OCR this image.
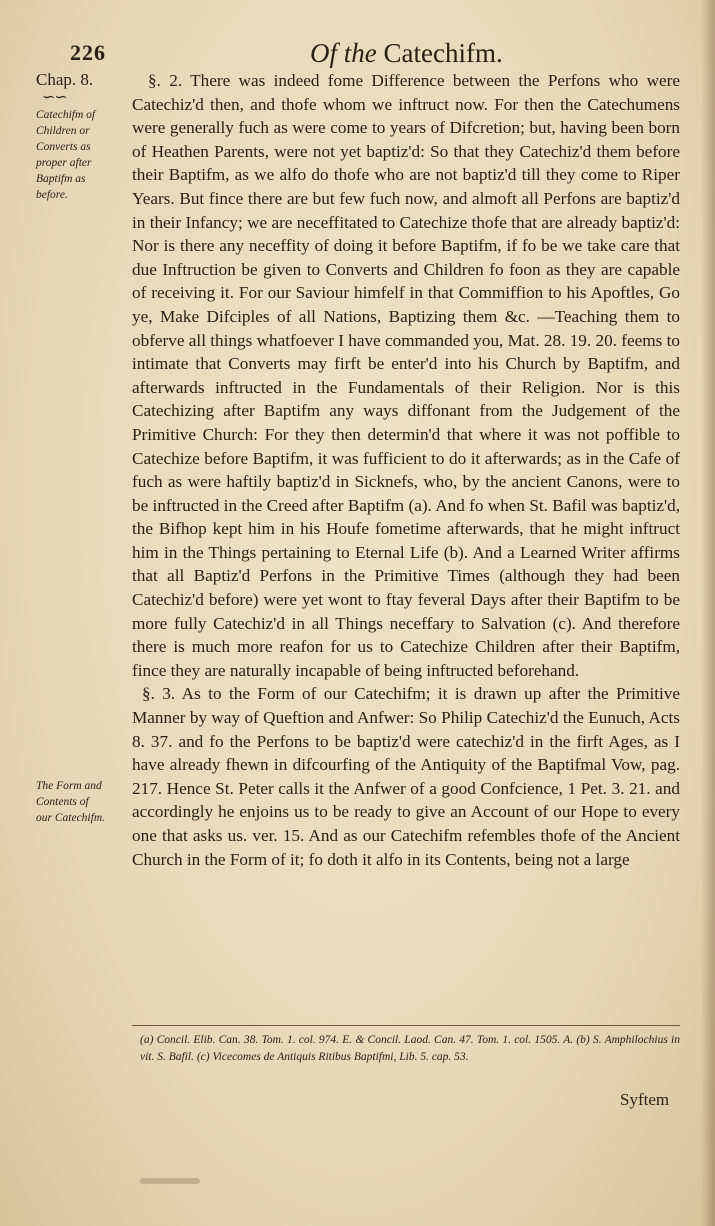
226	Of the Catechifm.
Chap. 8.
∽∽
Catechifm of Children or Converts as proper after Baptifm as before.
The Form and Contents of our Catechifm.

§. 2. There was indeed fome Difference between the Perfons who were Catechiz'd then, and thofe whom we inftruct now. For then the Catechumens were generally fuch as were come to years of Difcretion; but, having been born of Heathen Parents, were not yet baptiz'd: So that they Catechiz'd them before their Baptifm, as we alfo do thofe who are not baptiz'd till they come to Riper Years. But fince there are but few fuch now, and almoft all Perfons are baptiz'd in their Infancy; we are neceffitated to Catechize thofe that are already baptiz'd: Nor is there any neceffity of doing it before Baptifm, if fo be we take care that due Inftruction be given to Converts and Children fo foon as they are capable of receiving it. For our Saviour himfelf in that Commiffion to his Apoftles, Go ye, Make Difciples of all Nations, Baptizing them &c. —Teaching them to obferve all things whatfoever I have commanded you, Mat. 28. 19. 20. feems to intimate that Converts may firft be enter'd into his Church by Baptifm, and afterwards inftructed in the Fundamentals of their Religion. Nor is this Catechizing after Baptifm any ways diffonant from the Judgement of the Primitive Church: For they then determin'd that where it was not poffible to Catechize before Baptifm, it was fufficient to do it afterwards; as in the Cafe of fuch as were haftily baptiz'd in Sicknefs, who, by the ancient Canons, were to be inftructed in the Creed after Baptifm (a). And fo when St. Bafil was baptiz'd, the Bifhop kept him in his Houfe fometime afterwards, that he might inftruct him in the Things pertaining to Eternal Life (b). And a Learned Writer affirms that all Baptiz'd Perfons in the Primitive Times (although they had been Catechiz'd before) were yet wont to ftay feveral Days after their Baptifm to be more fully Catechiz'd in all Things neceffary to Salvation (c). And therefore there is much more reafon for us to Catechize Children after their Baptifm, fince they are naturally incapable of being inftructed beforehand.

§. 3. As to the Form of our Catechifm; it is drawn up after the Primitive Manner by way of Queftion and Anfwer: So Philip Catechiz'd the Eunuch, Acts 8. 37. and fo the Perfons to be baptiz'd were catechiz'd in the firft Ages, as I have already fhewn in difcourfing of the Antiquity of the Baptifmal Vow, pag. 217. Hence St. Peter calls it the Anfwer of a good Confcience, 1 Pet. 3. 21. and accordingly he enjoins us to be ready to give an Account of our Hope to every one that asks us. ver. 15. And as our Catechifm refembles thofe of the Ancient Church in the Form of it; fo doth it alfo in its Contents, being not a large

(a) Concil. Elib. Can. 38. Tom. 1. col. 974. E. & Concil. Laod. Can. 47. Tom. 1. col. 1505. A. (b) S. Amphilochius in vit. S. Bafil. (c) Vicecomes de Antiquis Ritibus Baptifmi, Lib. 5. cap. 53.
Syftem
